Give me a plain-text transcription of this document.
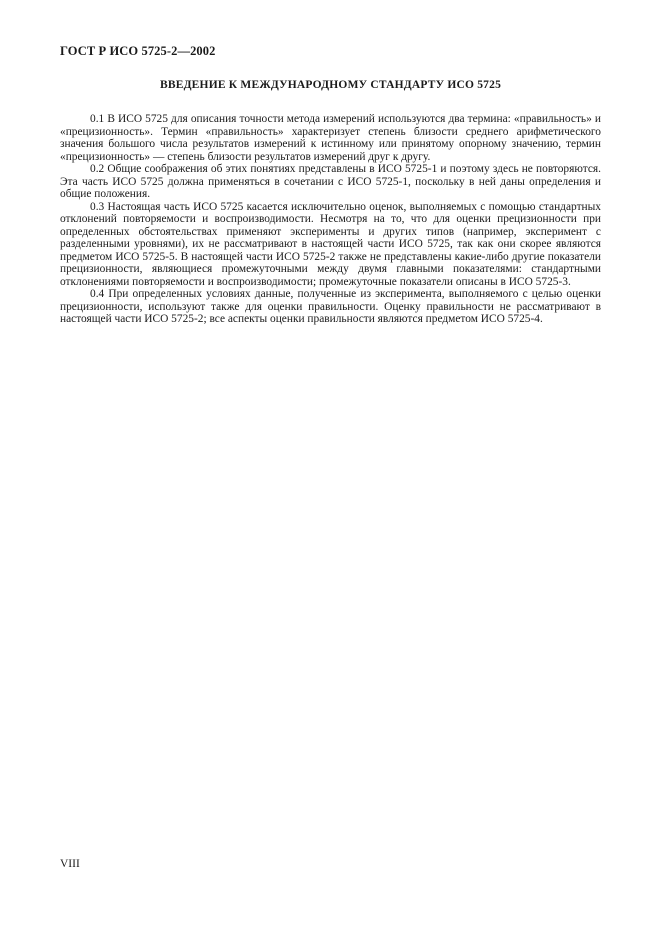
ГОСТ Р ИСО 5725-2—2002
ВВЕДЕНИЕ К МЕЖДУНАРОДНОМУ СТАНДАРТУ ИСО 5725

0.1 В ИСО 5725 для описания точности метода измерений используются два термина: «правильность» и «прецизионность». Термин «правильность» характеризует степень близости среднего арифметического значения большого числа результатов измерений к истинному или принятому опорному значению, термин «прецизионность» — степень близости результатов измерений друг к другу.

0.2 Общие соображения об этих понятиях представлены в ИСО 5725-1 и поэтому здесь не повторяются. Эта часть ИСО 5725 должна применяться в сочетании с ИСО 5725-1, поскольку в ней даны определения и общие положения.

0.3 Настоящая часть ИСО 5725 касается исключительно оценок, выполняемых с помощью стандартных отклонений повторяемости и воспроизводимости. Несмотря на то, что для оценки прецизионности при определенных обстоятельствах применяют эксперименты и других типов (например, эксперимент с разделенными уровнями), их не рассматривают в настоящей части ИСО 5725, так как они скорее являются предметом ИСО 5725-5. В настоящей части ИСО 5725-2 также не представлены какие-либо другие показатели прецизионности, являющиеся промежуточными между двумя главными показателями: стандартными отклонениями повторяемости и воспроизводимости; промежуточные показатели описаны в ИСО 5725-3.

0.4 При определенных условиях данные, полученные из эксперимента, выполняемого с целью оценки прецизионности, используют также для оценки правильности. Оценку правильности не рассматривают в настоящей части ИСО 5725-2; все аспекты оценки правильности являются предметом ИСО 5725-4.

VIII
